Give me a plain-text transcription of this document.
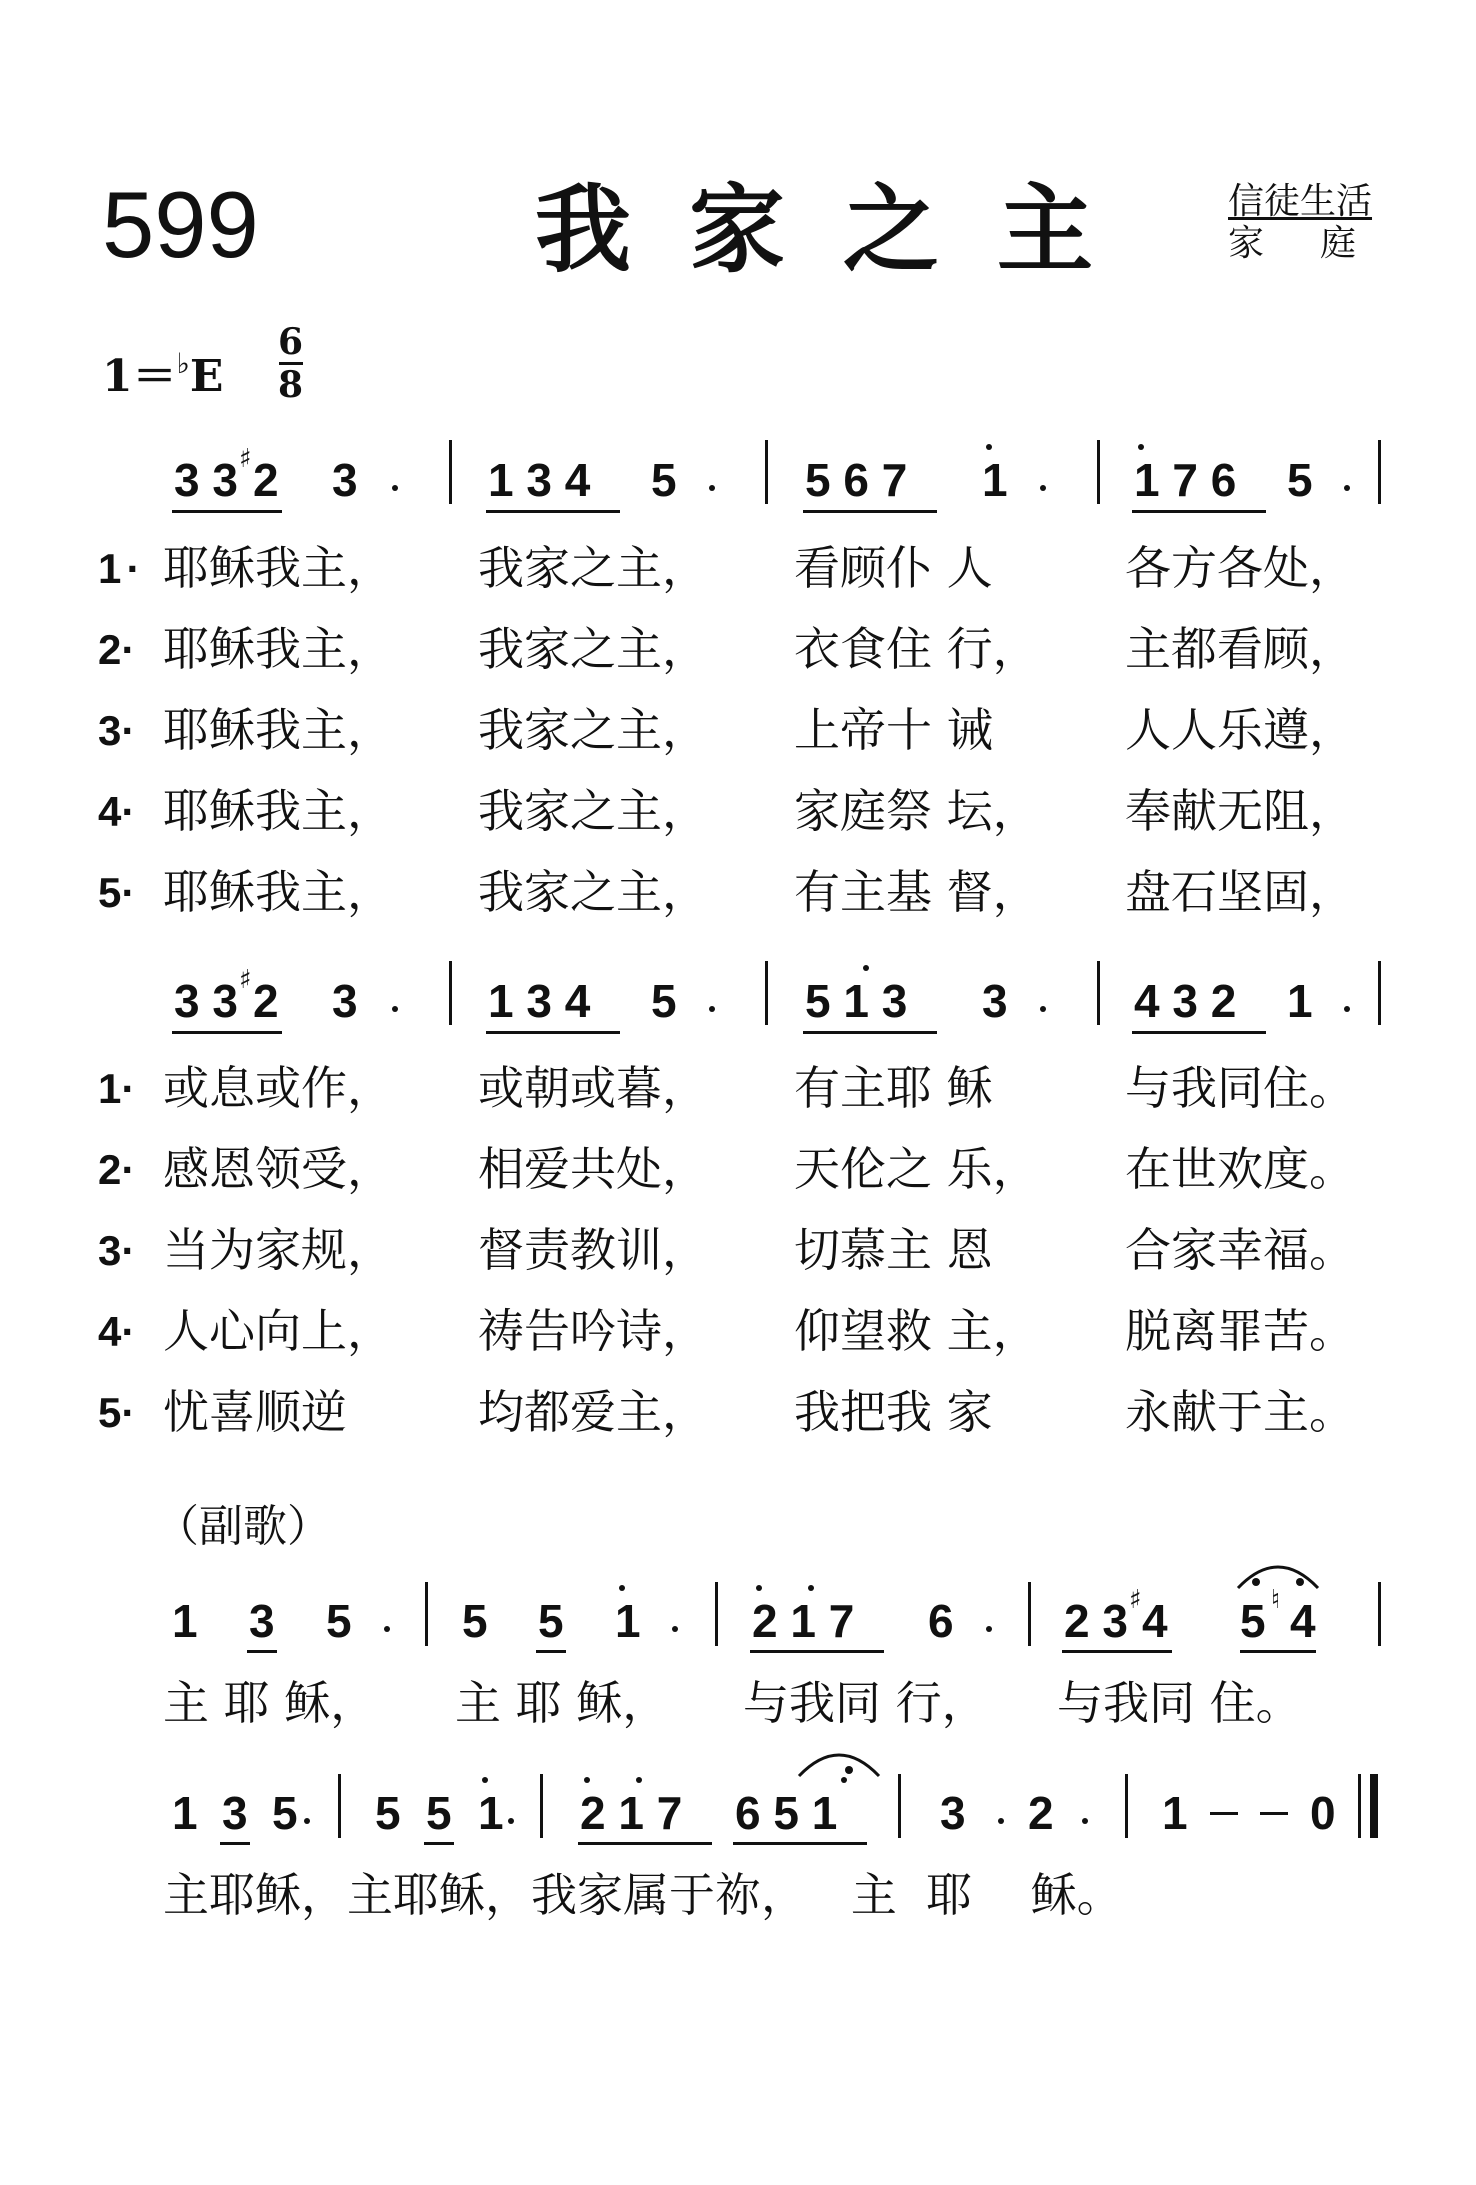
599	我家之主 信徒生活
家庭
1＝♭E
6
8
3 3 ♯ 2 3	1 3 4 5	5 6 7 1	1 7 6 5
1 · 耶稣我主， 我家之主， 看顾仆 人	各方各处，
2· 耶稣我主， 我家之主， 衣食住 行， 主都看顾，
3· 耶稣我主， 我家之主， 上帝十 诫	人人乐遵，
4· 耶稣我主， 我家之主， 家庭祭 坛， 奉献无阻，
5· 耶稣我主， 我家之主， 有主基 督， 盘石坚固，
3 3 ♯ 2 3	1 3 4 5	5 1 3 3	4 3 2 1
1· 或息或作， 或朝或暮， 有主耶 稣	与我同住。
2· 感恩领受， 相爱共处， 天伦之 乐， 在世欢度。
3· 当为家规， 督责教训， 切慕主 恩	合家幸福。
4· 人心向上， 祷告吟诗， 仰望救 主， 脱离罪苦。
5· 忧喜顺逆	均都爱主， 我把我 家	永献于主。
（副歌）
1 3 5 5 5 1 2 1 7 6 2 3 ♯ 4 5 ♮ 4
主 耶 稣， 主 耶 稣， 与我同 行， 与我同 住。
1 3 5 5 5 1 2 1 7 6 5 1 3 2 1	0
主耶稣，主耶稣，我家属于祢，   主  耶    稣。
